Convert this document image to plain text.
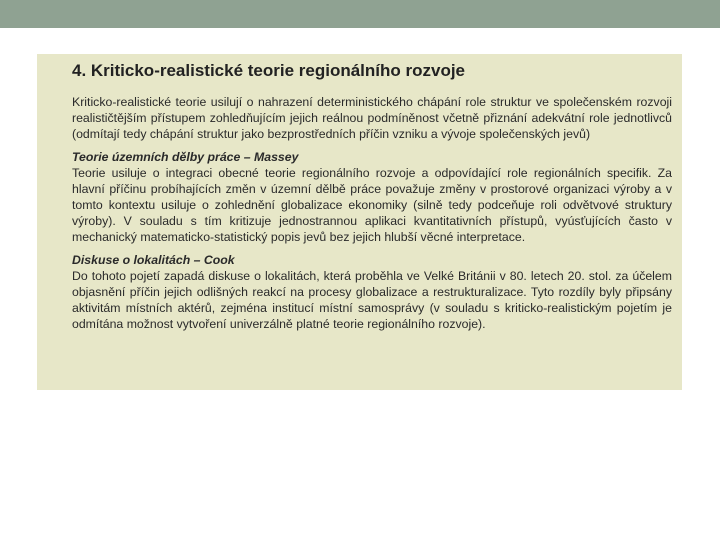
4. Kriticko-realistické teorie regionálního rozvoje

Kriticko-realistické teorie usilují o nahrazení deterministického chápání role struktur ve společenském rozvoji realističtějším přístupem zohledňujícím jejich reálnou podmíněnost včetně přiznání adekvátní role jednotlivců (odmítají tedy chápání struktur jako bezprostředních příčin vzniku a vývoje společenských jevů)

Teorie územních dělby práce – Massey
Teorie usiluje o integraci obecné teorie regionálního rozvoje a odpovídající role regionálních specifik. Za hlavní příčinu probíhajících změn v územní dělbě práce považuje změny v prostorové organizaci výroby a v tomto kontextu usiluje o zohlednění globalizace ekonomiky (silně tedy podceňuje roli odvětvové struktury výroby). V souladu s tím kritizuje jednostrannou aplikaci kvantitativních přístupů, vyúsťujících často v mechanický matematicko-statistický popis jevů bez jejich hlubší věcné interpretace.

Diskuse o lokalitách – Cook
Do tohoto pojetí zapadá diskuse o lokalitách, která proběhla ve Velké Británii v 80. letech 20. stol. za účelem objasnění příčin jejich odlišných reakcí na procesy globalizace a restrukturalizace. Tyto rozdíly byly připsány aktivitám místních aktérů, zejména institucí místní samosprávy (v souladu s kriticko-realistickým pojetím je odmítána možnost vytvoření univerzálně platné teorie regionálního rozvoje).
